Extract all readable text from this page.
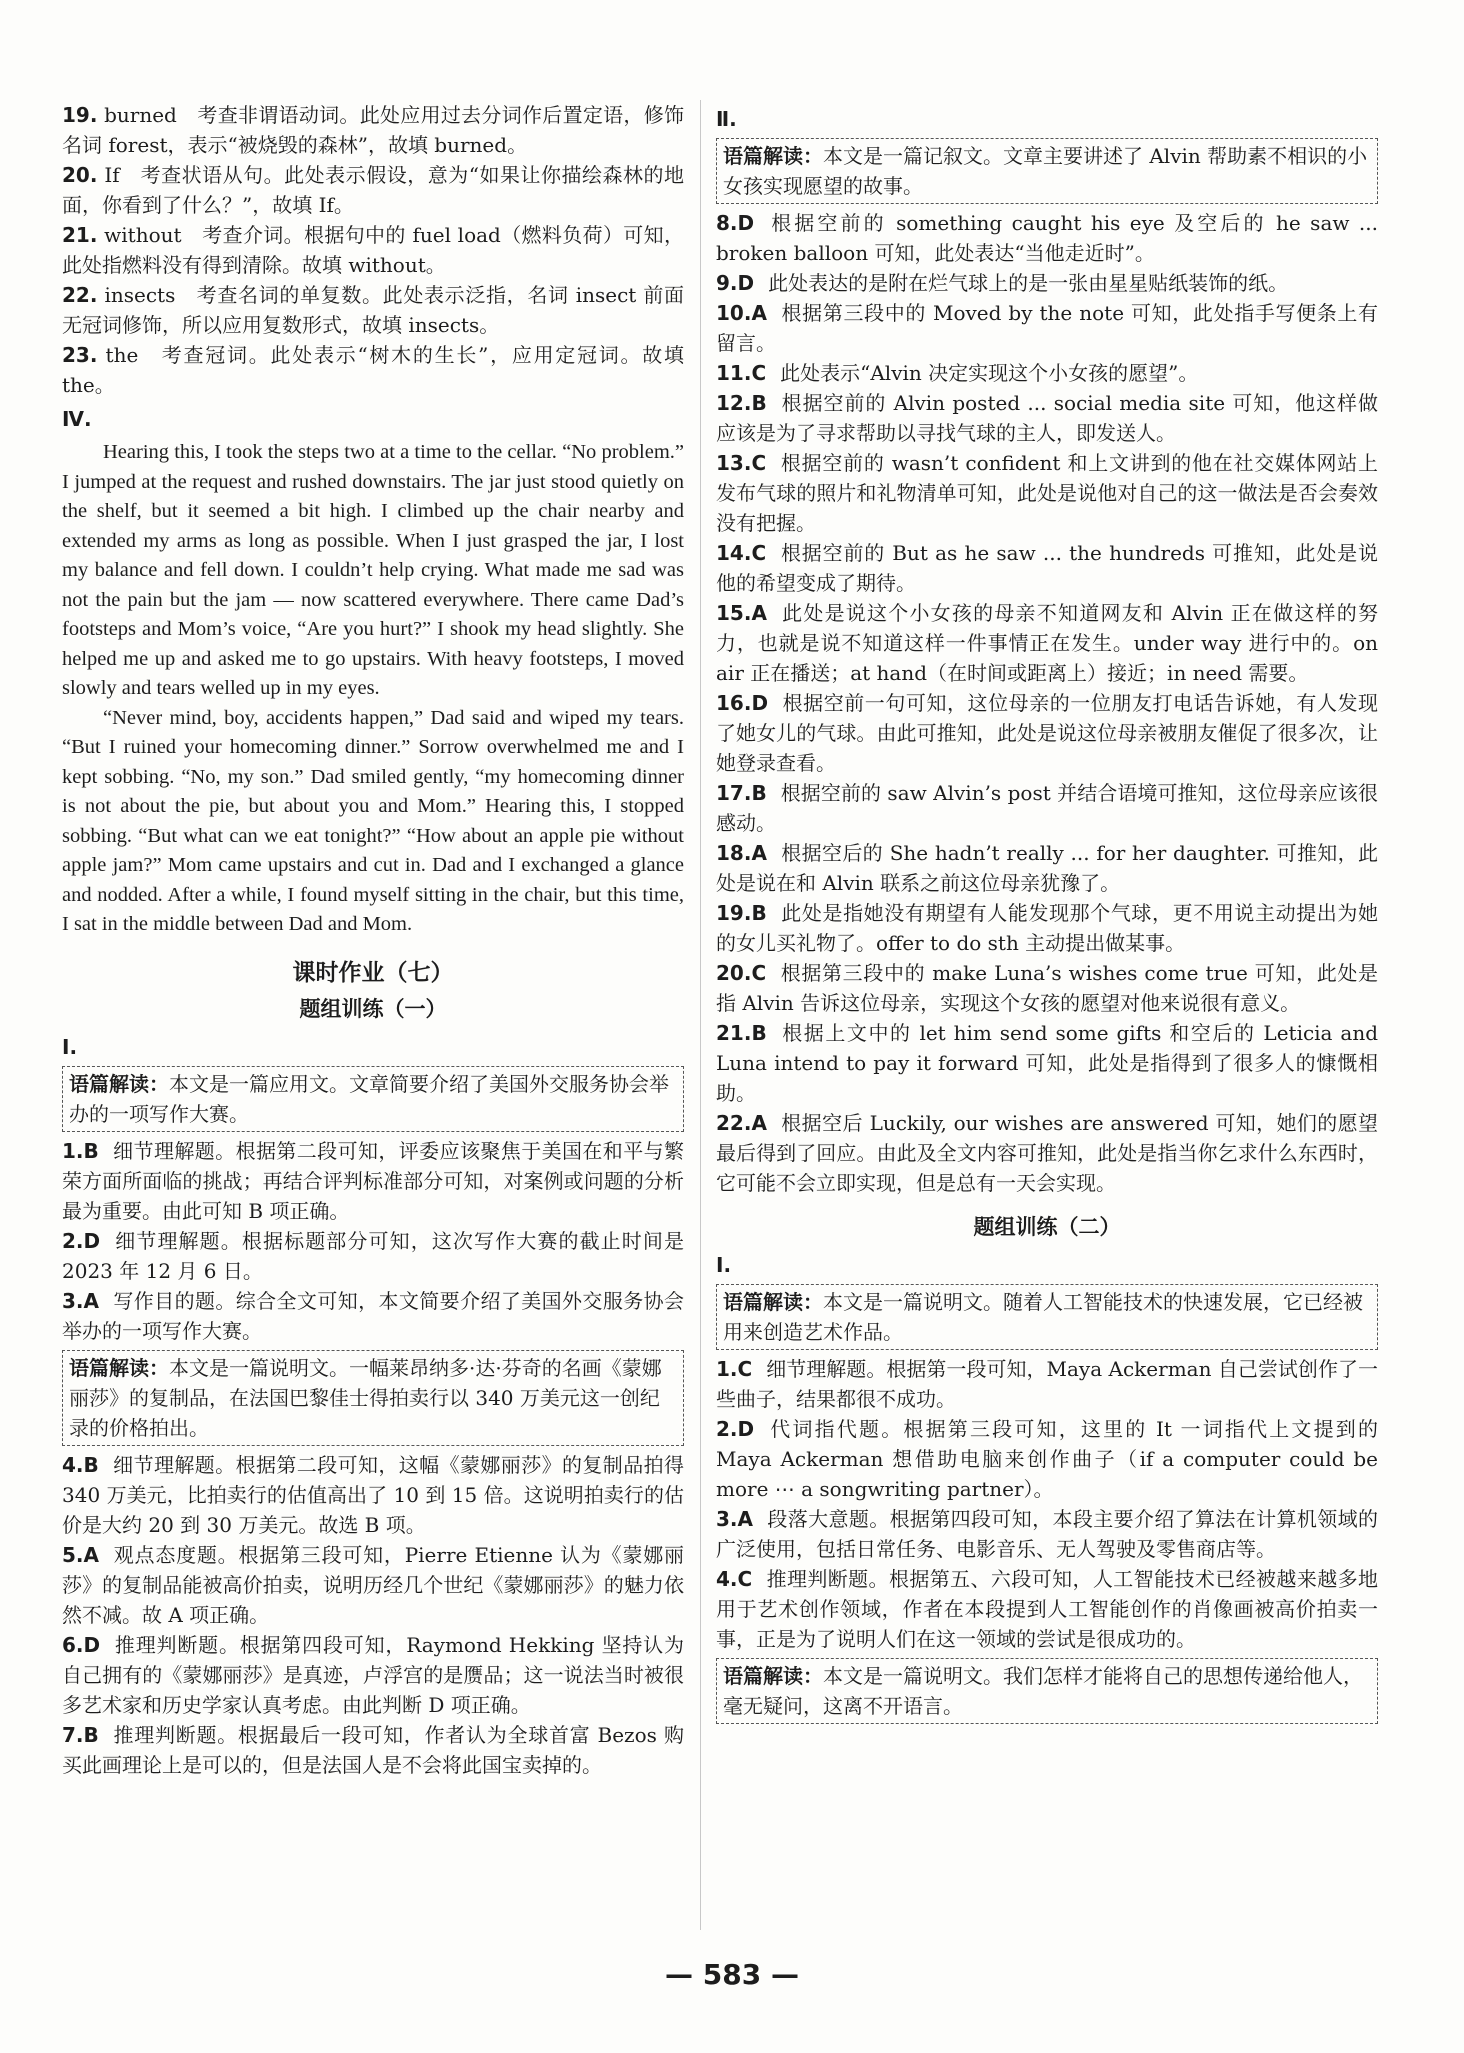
19. burned　考查非谓语动词。此处应用过去分词作后置定语，修饰名词 forest，表示“被烧毁的森林”，故填 burned。

20. If　考查状语从句。此处表示假设，意为“如果让你描绘森林的地面，你看到了什么？”，故填 If。

21. without　考查介词。根据句中的 fuel load（燃料负荷）可知，此处指燃料没有得到清除。故填 without。

22. insects　考查名词的单复数。此处表示泛指，名词 insect 前面无冠词修饰，所以应用复数形式，故填 insects。

23. the　考查冠词。此处表示“树木的生长”，应用定冠词。故填 the。

Ⅳ.

Hearing this, I took the steps two at a time to the cellar. “No problem.” I jumped at the request and rushed downstairs. The jar just stood quietly on the shelf, but it seemed a bit high. I climbed up the chair nearby and extended my arms as long as possible. When I just grasped the jar, I lost my balance and fell down. I couldn’t help crying. What made me sad was not the pain but the jam — now scattered everywhere. There came Dad’s footsteps and Mom’s voice, “Are you hurt?” I shook my head slightly. She helped me up and asked me to go upstairs. With heavy footsteps, I moved slowly and tears welled up in my eyes.

“Never mind, boy, accidents happen,” Dad said and wiped my tears. “But I ruined your homecoming dinner.” Sorrow overwhelmed me and I kept sobbing. “No, my son.” Dad smiled gently, “my homecoming dinner is not about the pie, but about you and Mom.” Hearing this, I stopped sobbing. “But what can we eat tonight?” “How about an apple pie without apple jam?” Mom came upstairs and cut in. Dad and I exchanged a glance and nodded. After a while, I found myself sitting in the chair, but this time, I sat in the middle between Dad and Mom.

课时作业（七）
题组训练（一）
Ⅰ.
语篇解读：本文是一篇应用文。文章简要介绍了美国外交服务协会举办的一项写作大赛。

1.B 细节理解题。根据第二段可知，评委应该聚焦于美国在和平与繁荣方面所面临的挑战；再结合评判标准部分可知，对案例或问题的分析最为重要。由此可知 B 项正确。

2.D 细节理解题。根据标题部分可知，这次写作大赛的截止时间是 2023 年 12 月 6 日。

3.A 写作目的题。综合全文可知，本文简要介绍了美国外交服务协会举办的一项写作大赛。

语篇解读：本文是一篇说明文。一幅莱昂纳多·达·芬奇的名画《蒙娜丽莎》的复制品，在法国巴黎佳士得拍卖行以 340 万美元这一创纪录的价格拍出。

4.B 细节理解题。根据第二段可知，这幅《蒙娜丽莎》的复制品拍得 340 万美元，比拍卖行的估值高出了 10 到 15 倍。这说明拍卖行的估价是大约 20 到 30 万美元。故选 B 项。

5.A 观点态度题。根据第三段可知，Pierre Etienne 认为《蒙娜丽莎》的复制品能被高价拍卖，说明历经几个世纪《蒙娜丽莎》的魅力依然不减。故 A 项正确。

6.D 推理判断题。根据第四段可知，Raymond Hekking 坚持认为自己拥有的《蒙娜丽莎》是真迹，卢浮宫的是赝品；这一说法当时被很多艺术家和历史学家认真考虑。由此判断 D 项正确。

7.B 推理判断题。根据最后一段可知，作者认为全球首富 Bezos 购买此画理论上是可以的，但是法国人是不会将此国宝卖掉的。

Ⅱ.
语篇解读：本文是一篇记叙文。文章主要讲述了 Alvin 帮助素不相识的小女孩实现愿望的故事。

8.D 根据空前的 something caught his eye 及空后的 he saw ... broken balloon 可知，此处表达“当他走近时”。

9.D 此处表达的是附在烂气球上的是一张由星星贴纸装饰的纸。

10.A 根据第三段中的 Moved by the note 可知，此处指手写便条上有留言。

11.C 此处表示“Alvin 决定实现这个小女孩的愿望”。

12.B 根据空前的 Alvin posted ... social media site 可知，他这样做应该是为了寻求帮助以寻找气球的主人，即发送人。

13.C 根据空前的 wasn’t confident 和上文讲到的他在社交媒体网站上发布气球的照片和礼物清单可知，此处是说他对自己的这一做法是否会奏效没有把握。

14.C 根据空前的 But as he saw ... the hundreds 可推知，此处是说他的希望变成了期待。

15.A 此处是说这个小女孩的母亲不知道网友和 Alvin 正在做这样的努力，也就是说不知道这样一件事情正在发生。under way 进行中的。on air 正在播送；at hand（在时间或距离上）接近；in need 需要。

16.D 根据空前一句可知，这位母亲的一位朋友打电话告诉她，有人发现了她女儿的气球。由此可推知，此处是说这位母亲被朋友催促了很多次，让她登录查看。

17.B 根据空前的 saw Alvin’s post 并结合语境可推知，这位母亲应该很感动。

18.A 根据空后的 She hadn’t really ... for her daughter. 可推知，此处是说在和 Alvin 联系之前这位母亲犹豫了。

19.B 此处是指她没有期望有人能发现那个气球，更不用说主动提出为她的女儿买礼物了。offer to do sth 主动提出做某事。

20.C 根据第三段中的 make Luna’s wishes come true 可知，此处是指 Alvin 告诉这位母亲，实现这个女孩的愿望对他来说很有意义。

21.B 根据上文中的 let him send some gifts 和空后的 Leticia and Luna intend to pay it forward 可知，此处是指得到了很多人的慷慨相助。

22.A 根据空后 Luckily, our wishes are answered 可知，她们的愿望最后得到了回应。由此及全文内容可推知，此处是指当你乞求什么东西时，它可能不会立即实现，但是总有一天会实现。

题组训练（二）
Ⅰ.
语篇解读：本文是一篇说明文。随着人工智能技术的快速发展，它已经被用来创造艺术作品。

1.C 细节理解题。根据第一段可知，Maya Ackerman 自己尝试创作了一些曲子，结果都很不成功。

2.D 代词指代题。根据第三段可知，这里的 It 一词指代上文提到的 Maya Ackerman 想借助电脑来创作曲子（if a computer could be more ⋯ a songwriting partner）。

3.A 段落大意题。根据第四段可知，本段主要介绍了算法在计算机领域的广泛使用，包括日常任务、电影音乐、无人驾驶及零售商店等。

4.C 推理判断题。根据第五、六段可知，人工智能技术已经被越来越多地用于艺术创作领域，作者在本段提到人工智能创作的肖像画被高价拍卖一事，正是为了说明人们在这一领域的尝试是很成功的。

语篇解读：本文是一篇说明文。我们怎样才能将自己的思想传递给他人，毫无疑问，这离不开语言。
— 583 —
